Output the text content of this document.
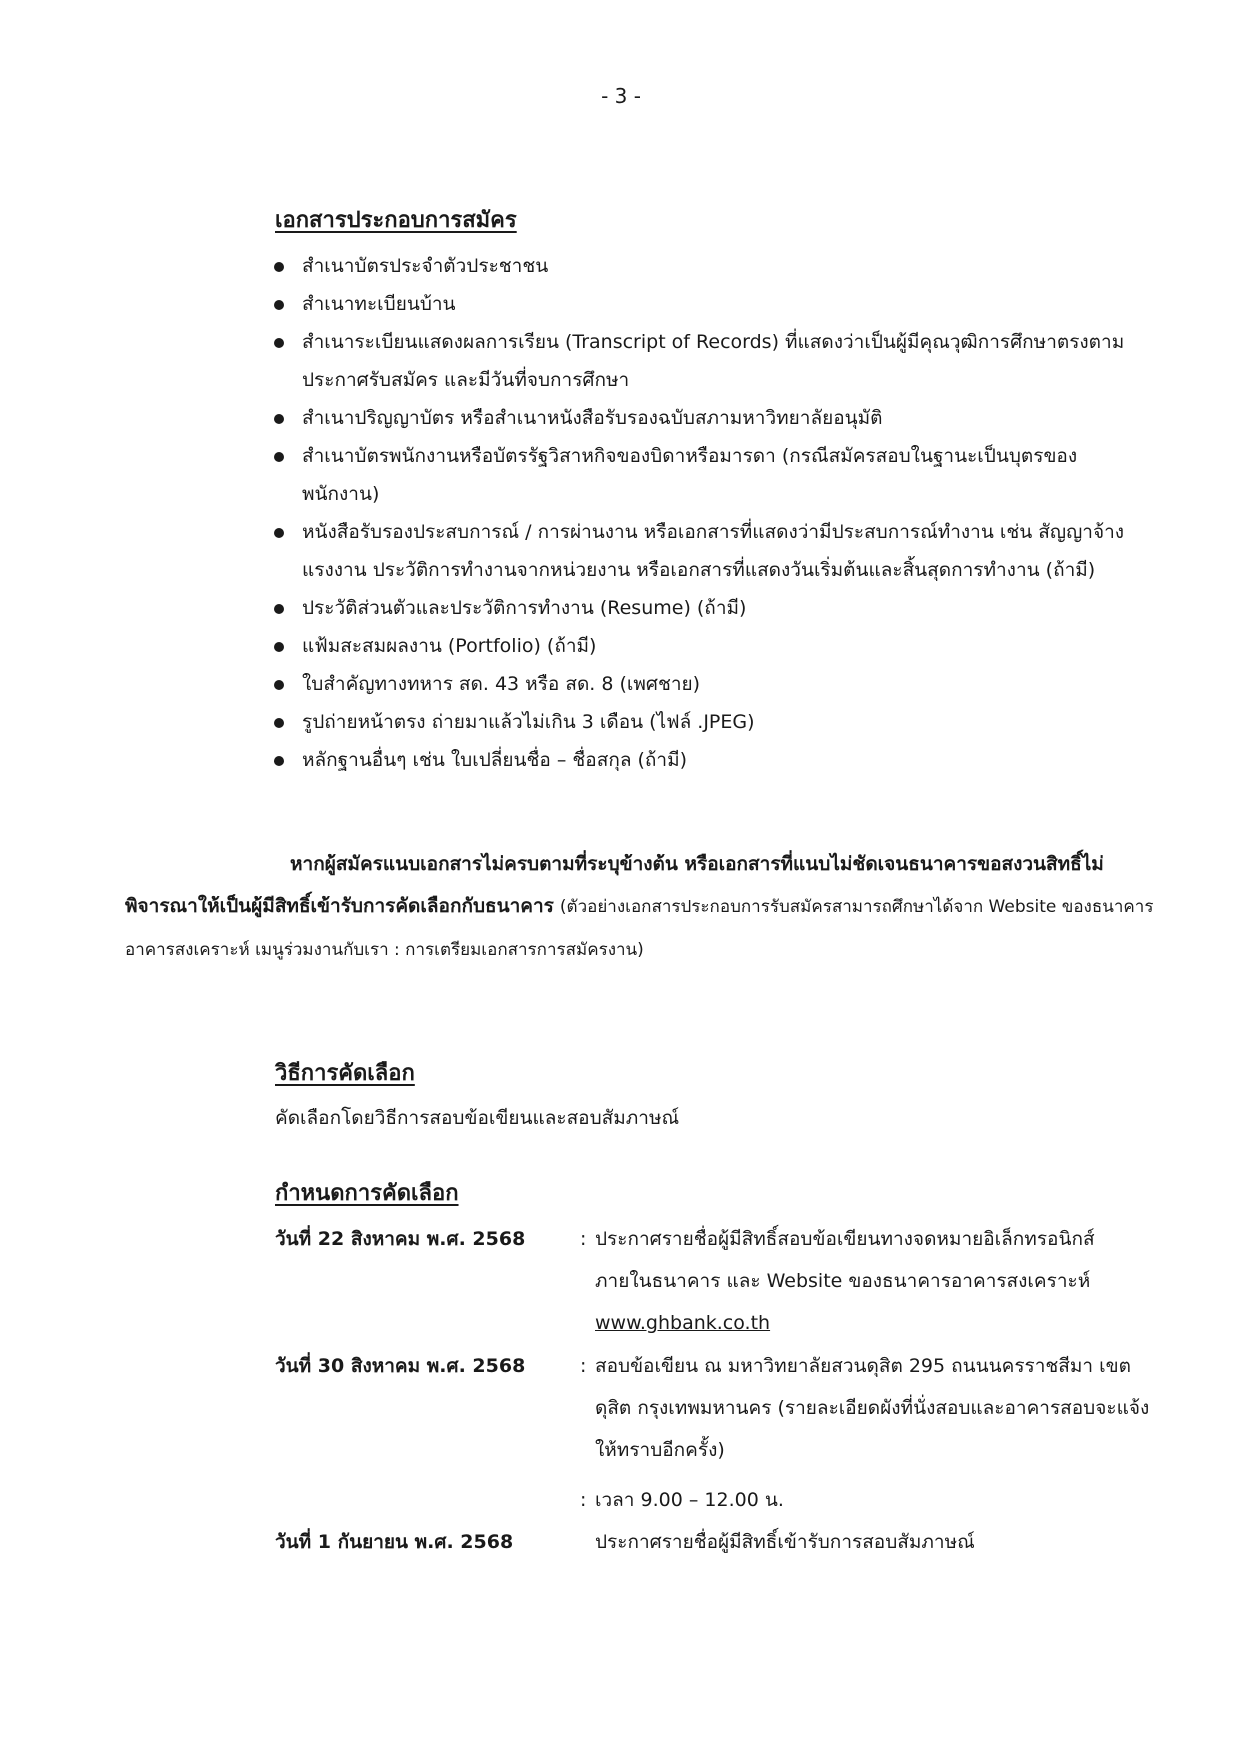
- 3 -
เอกสารประกอบการสมัคร
สำเนาบัตรประจำตัวประชาชน
สำเนาทะเบียนบ้าน
สำเนาระเบียนแสดงผลการเรียน (Transcript of Records) ที่แสดงว่าเป็นผู้มีคุณวุฒิการศึกษาตรงตามประกาศรับสมัคร และมีวันที่จบการศึกษา
สำเนาปริญญาบัตร หรือสำเนาหนังสือรับรองฉบับสภามหาวิทยาลัยอนุมัติ
สำเนาบัตรพนักงานหรือบัตรรัฐวิสาหกิจของบิดาหรือมารดา (กรณีสมัครสอบในฐานะเป็นบุตรของพนักงาน)
หนังสือรับรองประสบการณ์ / การผ่านงาน หรือเอกสารที่แสดงว่ามีประสบการณ์ทำงาน เช่น สัญญาจ้างแรงงาน ประวัติการทำงานจากหน่วยงาน หรือเอกสารที่แสดงวันเริ่มต้นและสิ้นสุดการทำงาน (ถ้ามี)
ประวัติส่วนตัวและประวัติการทำงาน (Resume) (ถ้ามี)
แฟ้มสะสมผลงาน (Portfolio) (ถ้ามี)
ใบสำคัญทางทหาร สด. 43 หรือ สด. 8 (เพศชาย)
รูปถ่ายหน้าตรง ถ่ายมาแล้วไม่เกิน 3 เดือน (ไฟล์ .JPEG)
หลักฐานอื่นๆ เช่น ใบเปลี่ยนชื่อ – ชื่อสกุล (ถ้ามี)
หากผู้สมัครแนบเอกสารไม่ครบตามที่ระบุข้างต้น หรือเอกสารที่แนบไม่ชัดเจนธนาคารขอสงวนสิทธิ์ไม่พิจารณาให้เป็นผู้มีสิทธิ์เข้ารับการคัดเลือกกับธนาคาร (ตัวอย่างเอกสารประกอบการรับสมัครสามารถศึกษาได้จาก Website ของธนาคารอาคารสงเคราะห์ เมนูร่วมงานกับเรา : การเตรียมเอกสารการสมัครงาน)
วิธีการคัดเลือก
คัดเลือกโดยวิธีการสอบข้อเขียนและสอบสัมภาษณ์
กำหนดการคัดเลือก
วันที่ 22 สิงหาคม พ.ศ. 2568	: ประกาศรายชื่อผู้มีสิทธิ์สอบข้อเขียนทางจดหมายอิเล็กทรอนิกส์ ภายในธนาคาร และ Website ของธนาคารอาคารสงเคราะห์
www.ghbank.co.th
วันที่ 30 สิงหาคม พ.ศ. 2568	: สอบข้อเขียน ณ มหาวิทยาลัยสวนดุสิต 295 ถนนนครราชสีมา เขตดุสิต กรุงเทพมหานคร (รายละเอียดผังที่นั่งสอบและอาคารสอบจะแจ้งให้ทราบอีกครั้ง)
: เวลา 9.00 – 12.00 น.
วันที่ 1 กันยายน พ.ศ. 2568	ประกาศรายชื่อผู้มีสิทธิ์เข้ารับการสอบสัมภาษณ์
